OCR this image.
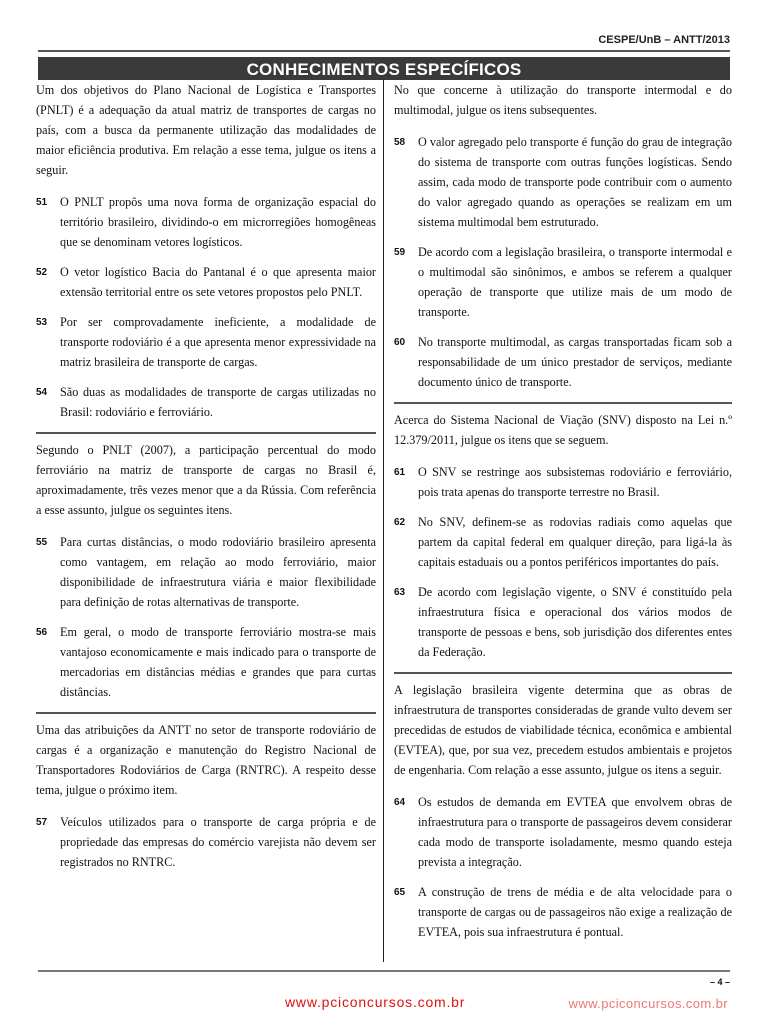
CESPE/UnB – ANTT/2013
CONHECIMENTOS ESPECÍFICOS

Um dos objetivos do Plano Nacional de Logística e Transportes (PNLT) é a adequação da atual matriz de transportes de cargas no país, com a busca da permanente utilização das modalidades de maior eficiência produtiva. Em relação a esse tema, julgue os itens a seguir.

51	O PNLT propôs uma nova forma de organização espacial do território brasileiro, dividindo-o em microrregiões homogêneas que se denominam vetores logísticos.
52	O vetor logístico Bacia do Pantanal é o que apresenta maior extensão territorial entre os sete vetores propostos pelo PNLT.
53	Por ser comprovadamente ineficiente, a modalidade de transporte rodoviário é a que apresenta menor expressividade na matriz brasileira de transporte de cargas.
54	São duas as modalidades de transporte de cargas utilizadas no Brasil: rodoviário e ferroviário.

Segundo o PNLT (2007), a participação percentual do modo ferroviário na matriz de transporte de cargas no Brasil é, aproximadamente, três vezes menor que a da Rússia. Com referência a esse assunto, julgue os seguintes itens.

55	Para curtas distâncias, o modo rodoviário brasileiro apresenta como vantagem, em relação ao modo ferroviário, maior disponibilidade de infraestrutura viária e maior flexibilidade para definição de rotas alternativas de transporte.
56	Em geral, o modo de transporte ferroviário mostra-se mais vantajoso economicamente e mais indicado para o transporte de mercadorias em distâncias médias e grandes que para curtas distâncias.

Uma das atribuições da ANTT no setor de transporte rodoviário de cargas é a organização e manutenção do Registro Nacional de Transportadores Rodoviários de Carga (RNTRC). A respeito desse tema, julgue o próximo item.

57	Veículos utilizados para o transporte de carga própria e de propriedade das empresas do comércio varejista não devem ser registrados no RNTRC.

No que concerne à utilização do transporte intermodal e do multimodal, julgue os itens subsequentes.

58	O valor agregado pelo transporte é função do grau de integração do sistema de transporte com outras funções logísticas. Sendo assim, cada modo de transporte pode contribuir com o aumento do valor agregado quando as operações se realizam em um sistema multimodal bem estruturado.
59	De acordo com a legislação brasileira, o transporte intermodal e o multimodal são sinônimos, e ambos se referem a qualquer operação de transporte que utilize mais de um modo de transporte.
60	No transporte multimodal, as cargas transportadas ficam sob a responsabilidade de um único prestador de serviços, mediante documento único de transporte.

Acerca do Sistema Nacional de Viação (SNV) disposto na Lei n.º 12.379/2011, julgue os itens que se seguem.

61	O SNV se restringe aos subsistemas rodoviário e ferroviário, pois trata apenas do transporte terrestre no Brasil.
62	No SNV, definem-se as rodovias radiais como aquelas que partem da capital federal em qualquer direção, para ligá-la às capitais estaduais ou a pontos periféricos importantes do país.
63	De acordo com legislação vigente, o SNV é constituído pela infraestrutura física e operacional dos vários modos de transporte de pessoas e bens, sob jurisdição dos diferentes entes da Federação.

A legislação brasileira vigente determina que as obras de infraestrutura de transportes consideradas de grande vulto devem ser precedidas de estudos de viabilidade técnica, econômica e ambiental (EVTEA), que, por sua vez, precedem estudos ambientais e projetos de engenharia. Com relação a esse assunto, julgue os itens a seguir.

64	Os estudos de demanda em EVTEA que envolvem obras de infraestrutura para o transporte de passageiros devem considerar cada modo de transporte isoladamente, mesmo quando esteja prevista a integração.
65	A construção de trens de média e de alta velocidade para o transporte de cargas ou de passageiros não exige a realização de EVTEA, pois sua infraestrutura é pontual.
– 4 –
www.pciconcursos.com.br	www.pciconcursos.com.br
